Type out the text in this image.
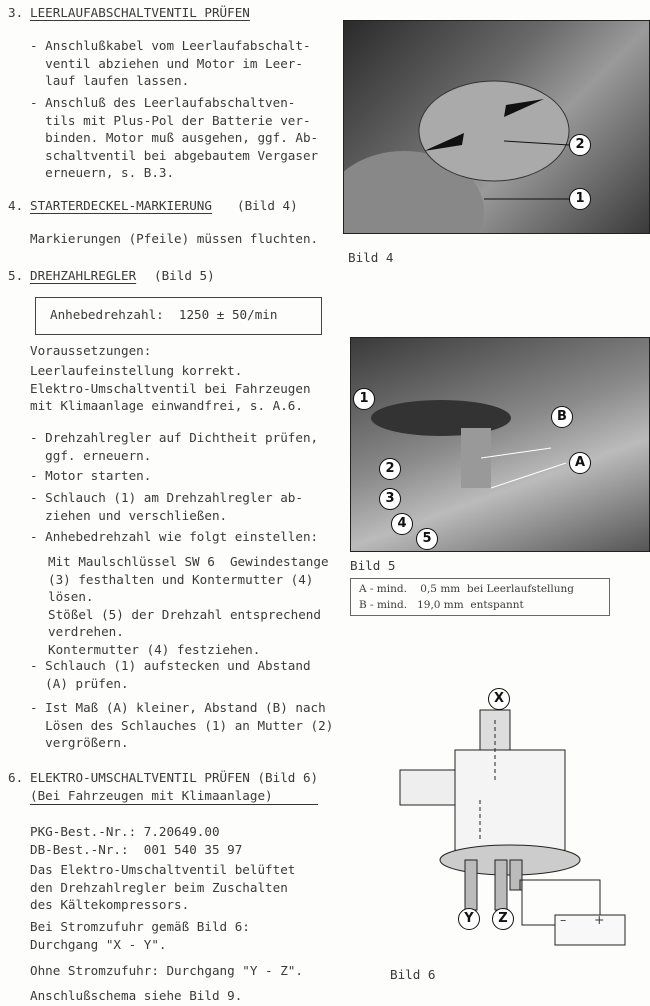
3. LEERLAUFABSCHALTVENTIL PRÜFEN
- Anschlußkabel vom Leerlaufabschalt-
ventil abziehen und Motor im Leer-
lauf laufen lassen.
- Anschluß des Leerlaufabschaltven-
tils mit Plus-Pol der Batterie ver-
binden. Motor muß ausgehen, ggf. Ab-
schaltventil bei abgebautem Vergaser
erneuern, s. B.3.
4. STARTERDECKEL-MARKIERUNG (Bild 4)
Markierungen (Pfeile) müssen fluchten.
5. DREHZAHLREGLER (Bild 5)
Anhebedrehzahl:  1250 ± 50/min
Voraussetzungen:
Leerlaufeinstellung korrekt.
Elektro-Umschaltventil bei Fahrzeugen
mit Klimaanlage einwandfrei, s. A.6.
- Drehzahlregler auf Dichtheit prüfen,
ggf. erneuern.
- Motor starten.
- Schlauch (1) am Drehzahlregler ab-
ziehen und verschließen.
- Anhebedrehzahl wie folgt einstellen:
Mit Maulschlüssel SW 6  Gewindestange
(3) festhalten und Kontermutter (4)
lösen.
Stößel (5) der Drehzahl entsprechend
verdrehen.
Kontermutter (4) festziehen.
- Schlauch (1) aufstecken und Abstand
(A) prüfen.
- Ist Maß (A) kleiner, Abstand (B) nach
Lösen des Schlauches (1) an Mutter (2)
vergrößern.
6. ELEKTRO-UMSCHALTVENTIL PRÜFEN (Bild 6)
(Bei Fahrzeugen mit Klimaanlage)
PKG-Best.-Nr.: 7.20649.00
DB-Best.-Nr.:  001 540 35 97
Das Elektro-Umschaltventil belüftet
den Drehzahlregler beim Zuschalten
des Kältekompressors.
Bei Stromzufuhr gemäß Bild 6:
Durchgang "X - Y".
Ohne Stromzufuhr: Durchgang "Y - Z".
Anschlußschema siehe Bild 9.
2
1
Bild 4
1
2
3
4
5
A
B
Bild 5
A - mind.    0,5 mm  bei Leerlaufstellung
B - mind.   19,0 mm  entspannt
X
Y	Z	– +
Bild 6
